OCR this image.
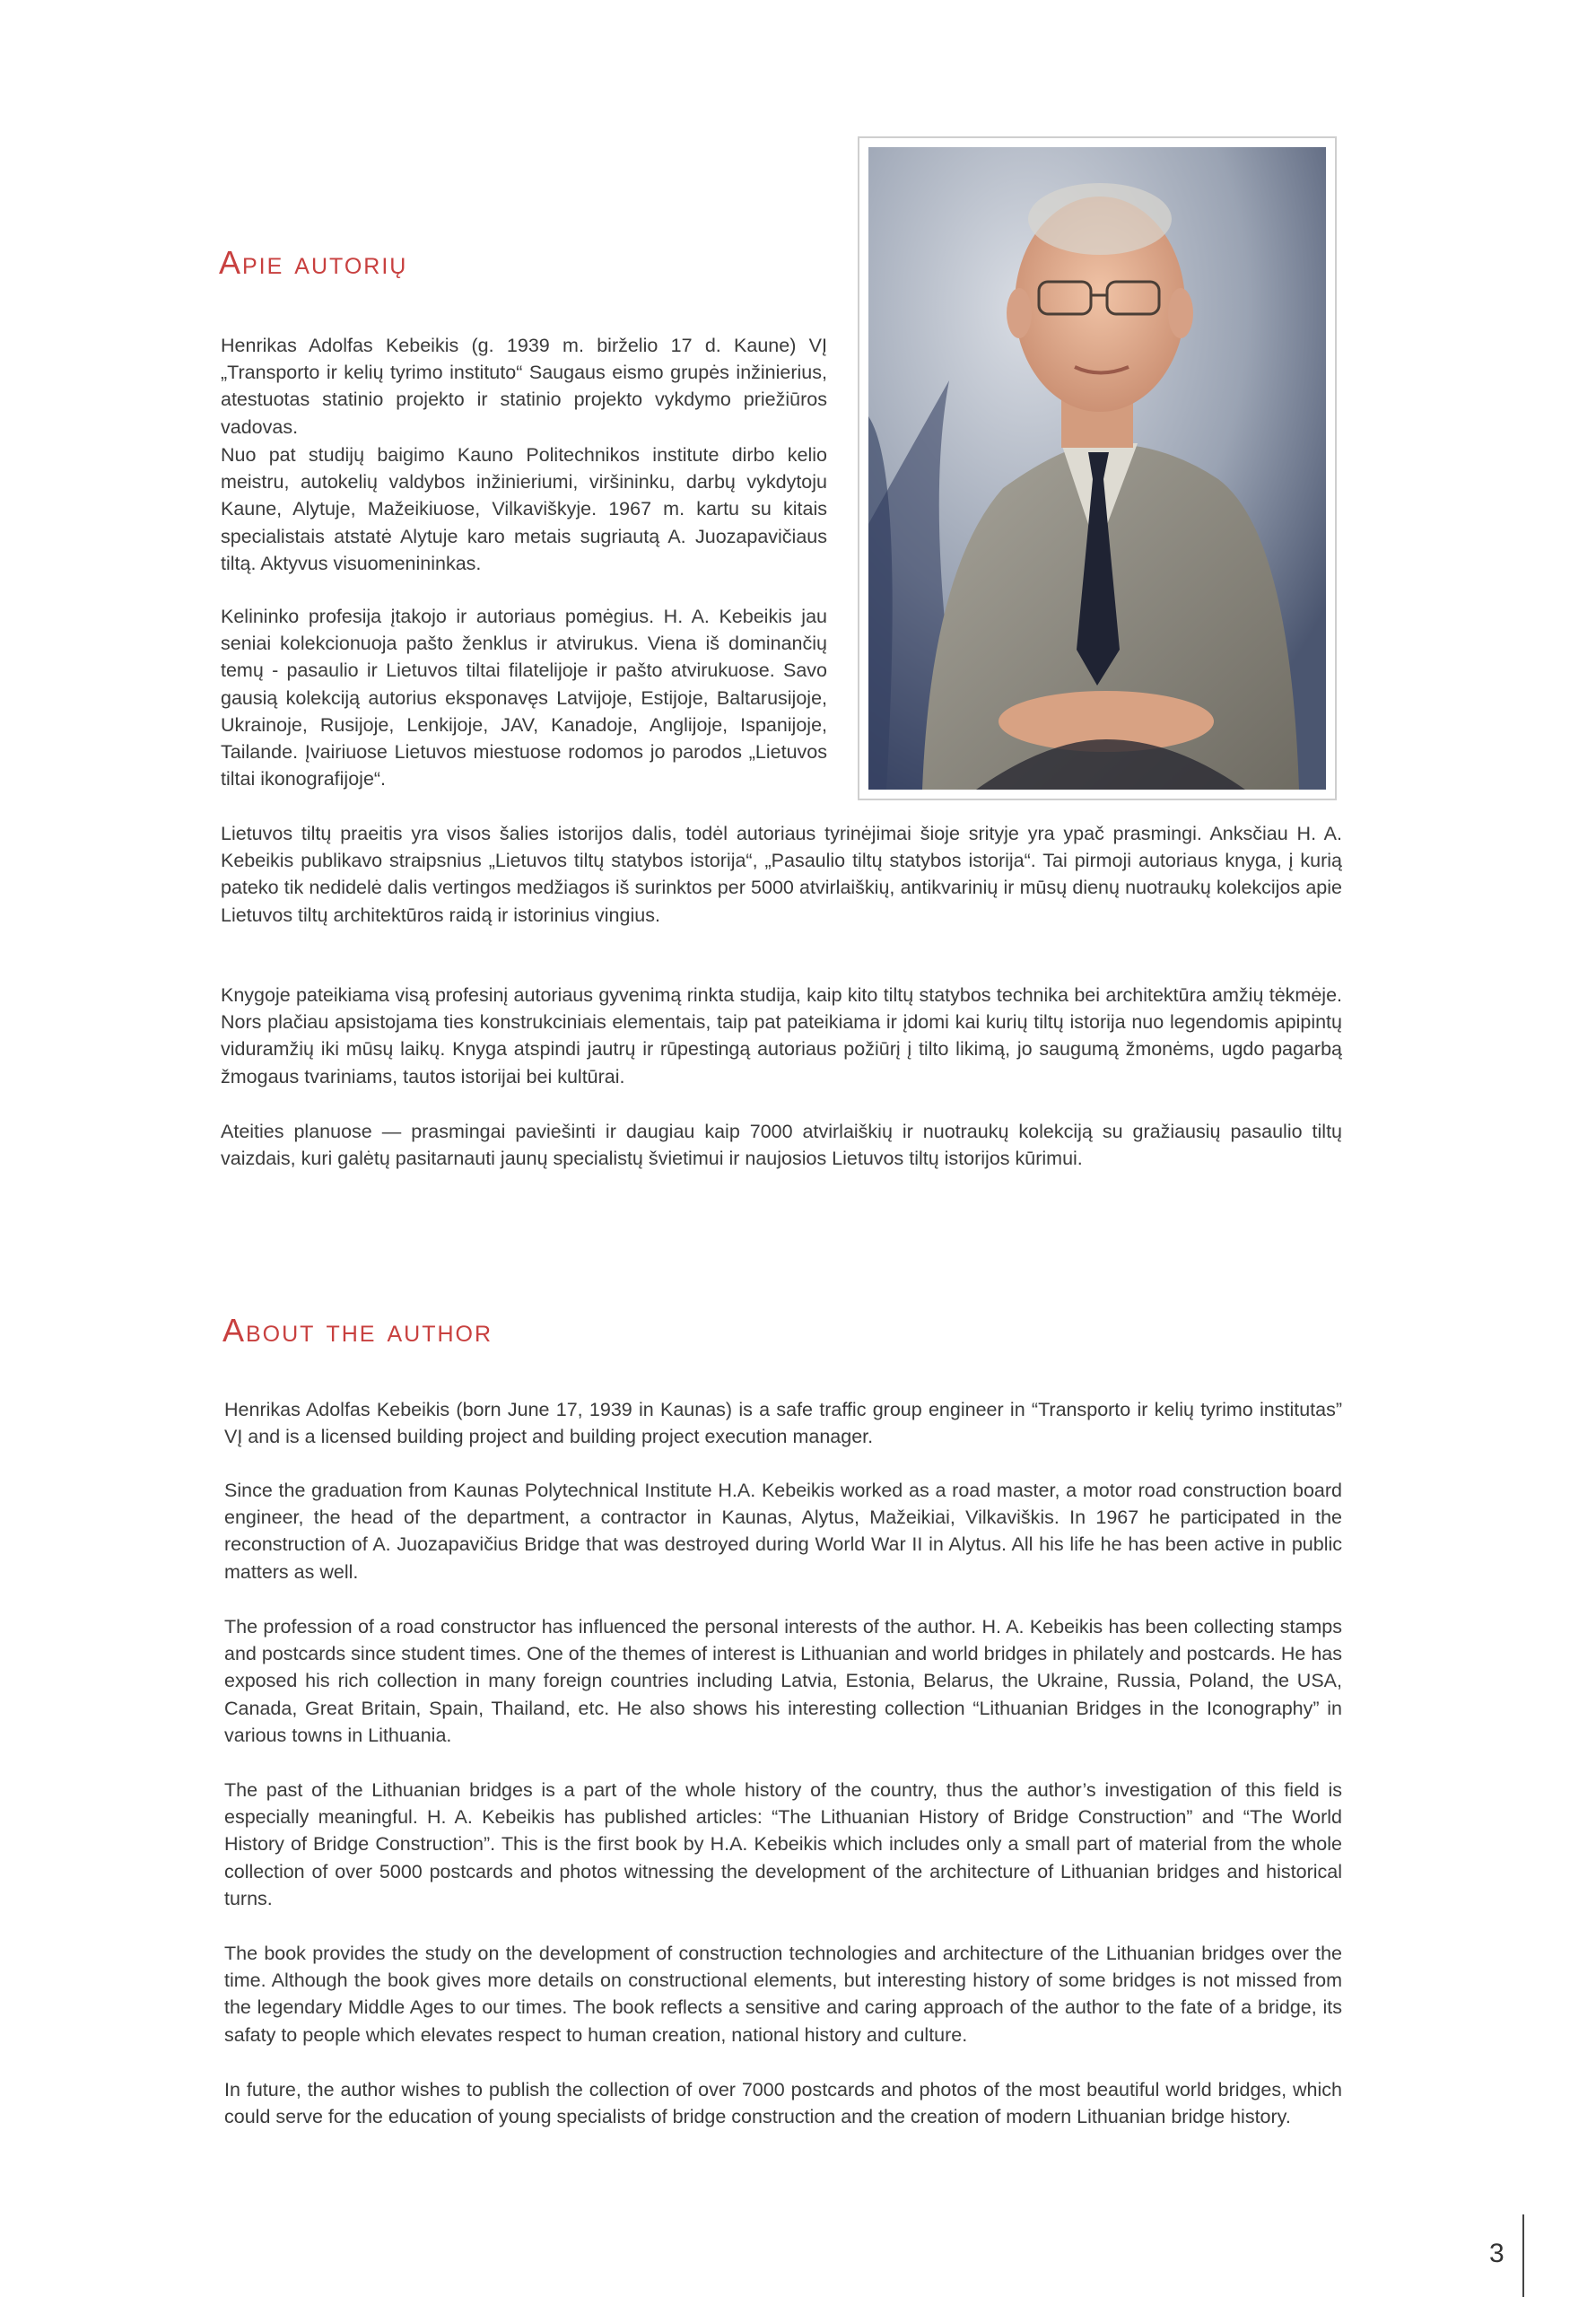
Apie autorių

Henrikas Adolfas Kebeikis (g. 1939 m. birželio 17 d. Kaune) VĮ „Transporto ir kelių tyrimo instituto“ Saugaus eismo grupės inžinierius, atestuotas statinio projekto ir statinio projekto vykdymo priežiūros vadovas.

Nuo pat studijų baigimo Kauno Politechnikos institute dirbo kelio meistru, autokelių valdybos inžinieriumi, viršininku, darbų vykdytoju Kaune, Alytuje, Mažeikiuose, Vilkaviškyje. 1967 m. kartu su kitais specialistais atstatė Alytuje karo metais sugriautą A. Juozapavičiaus tiltą. Aktyvus visuomenininkas.

Kelininko profesija įtakojo ir autoriaus pomėgius. H. A. Kebeikis jau seniai kolekcionuoja pašto ženklus ir atvirukus. Viena iš dominančių temų - pasaulio ir Lietuvos tiltai filatelijoje ir pašto atvirukuose. Savo gausią kolekciją autorius eksponavęs Latvijoje, Estijoje, Baltarusijoje, Ukrainoje, Rusijoje, Lenkijoje, JAV, Kanadoje, Anglijoje, Ispanijoje, Tailande. Įvairiuose Lietuvos miestuose rodomos jo parodos „Lietuvos tiltai ikonografijoje“.

Lietuvos tiltų praeitis yra visos šalies istorijos dalis, todėl autoriaus tyrinėjimai šioje srityje yra ypač prasmingi. Anksčiau H. A. Kebeikis publikavo straipsnius „Lietuvos tiltų statybos istorija“, „Pasaulio tiltų statybos istorija“. Tai pirmoji autoriaus knyga, į kurią pateko tik nedidelė dalis vertingos medžiagos iš surinktos per 5000 atvirlaiškių, antikvarinių ir mūsų dienų nuotraukų kolekcijos apie Lietuvos tiltų architektūros raidą ir istorinius vingius.

Knygoje pateikiama visą profesinį autoriaus gyvenimą rinkta studija, kaip kito tiltų statybos technika bei architektūra amžių tėkmėje. Nors plačiau apsistojama ties konstrukciniais elementais, taip pat pateikiama ir įdomi kai kurių tiltų istorija nuo legendomis apipintų viduramžių iki mūsų laikų. Knyga atspindi jautrų ir rūpestingą autoriaus požiūrį į tilto likimą, jo saugumą žmonėms, ugdo pagarbą žmogaus tvariniams, tautos istorijai bei kultūrai.

Ateities planuose — prasmingai paviešinti ir daugiau kaip 7000 atvirlaiškių ir nuotraukų kolekciją su gražiausių pasaulio tiltų vaizdais, kuri galėtų pasitarnauti jaunų specialistų švietimui ir naujosios Lietuvos tiltų istorijos kūrimui.

About the author

Henrikas Adolfas Kebeikis (born June 17, 1939 in Kaunas) is a safe traffic group engineer in “Transporto ir kelių tyrimo institutas” VĮ and is a licensed building project and building project execution manager.

Since the graduation from Kaunas Polytechnical Institute H.A. Kebeikis worked as a road master, a motor road construction board engineer, the head of the department, a contractor in Kaunas, Alytus, Mažeikiai, Vilkaviškis. In 1967 he participated in the reconstruction of A. Juozapavičius Bridge that was destroyed during World War II in Alytus. All his life he has been active in public matters as well.

The profession of a road constructor has influenced the personal interests of the author. H. A. Kebeikis has been collecting stamps and postcards since student times. One of the themes of interest is Lithuanian and world bridges in philately and postcards. He has exposed his rich collection in many foreign countries including Latvia, Estonia, Belarus, the Ukraine, Russia, Poland, the USA, Canada, Great Britain, Spain, Thailand, etc. He also shows his interesting collection “Lithuanian Bridges in the Iconography” in various towns in Lithuania.

The past of the Lithuanian bridges is a part of the whole history of the country, thus the author’s investigation of this field is especially meaningful. H. A. Kebeikis has published articles: “The Lithuanian History of Bridge Construction” and “The World History of Bridge Construction”. This is the first book by H.A. Kebeikis which includes only a small part of material from the whole collection of over 5000 postcards and photos witnessing the development of the architecture of Lithuanian bridges and historical turns.

The book provides the study on the development of construction technologies and architecture of the Lithuanian bridges over the time. Although the book gives more details on constructional elements, but interesting history of some bridges is not missed from the legendary Middle Ages to our times. The book reflects a sensitive and caring approach of the author to the fate of a bridge, its safaty to people which elevates respect to human creation, national history and culture.

In future, the author wishes to publish the collection of over 7000 postcards and photos of the most beautiful world bridges, which could serve for the education of young specialists of bridge construction and the creation of modern Lithuanian bridge history.

3
